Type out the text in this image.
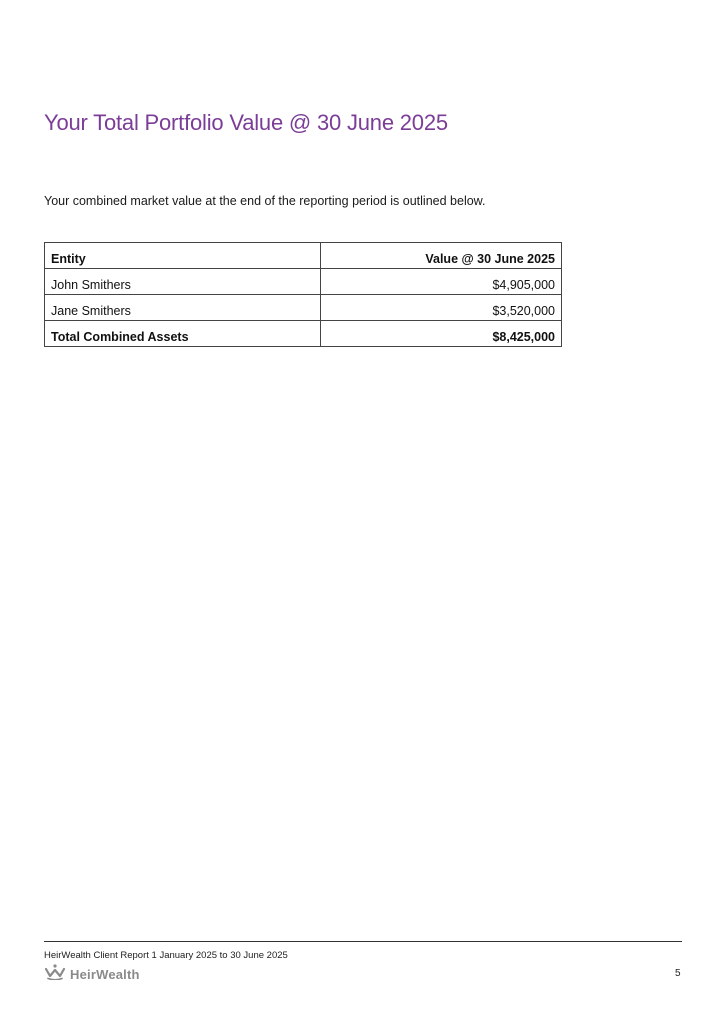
Your Total Portfolio Value @ 30 June 2025

Your combined market value at the end of the reporting period is outlined below.

Entity	Value @ 30 June 2025
John Smithers	$4,905,000
Jane Smithers	$3,520,000
Total Combined Assets	$8,425,000
HeirWealth Client Report 1 January 2025 to 30 June 2025
HeirWealth	5
